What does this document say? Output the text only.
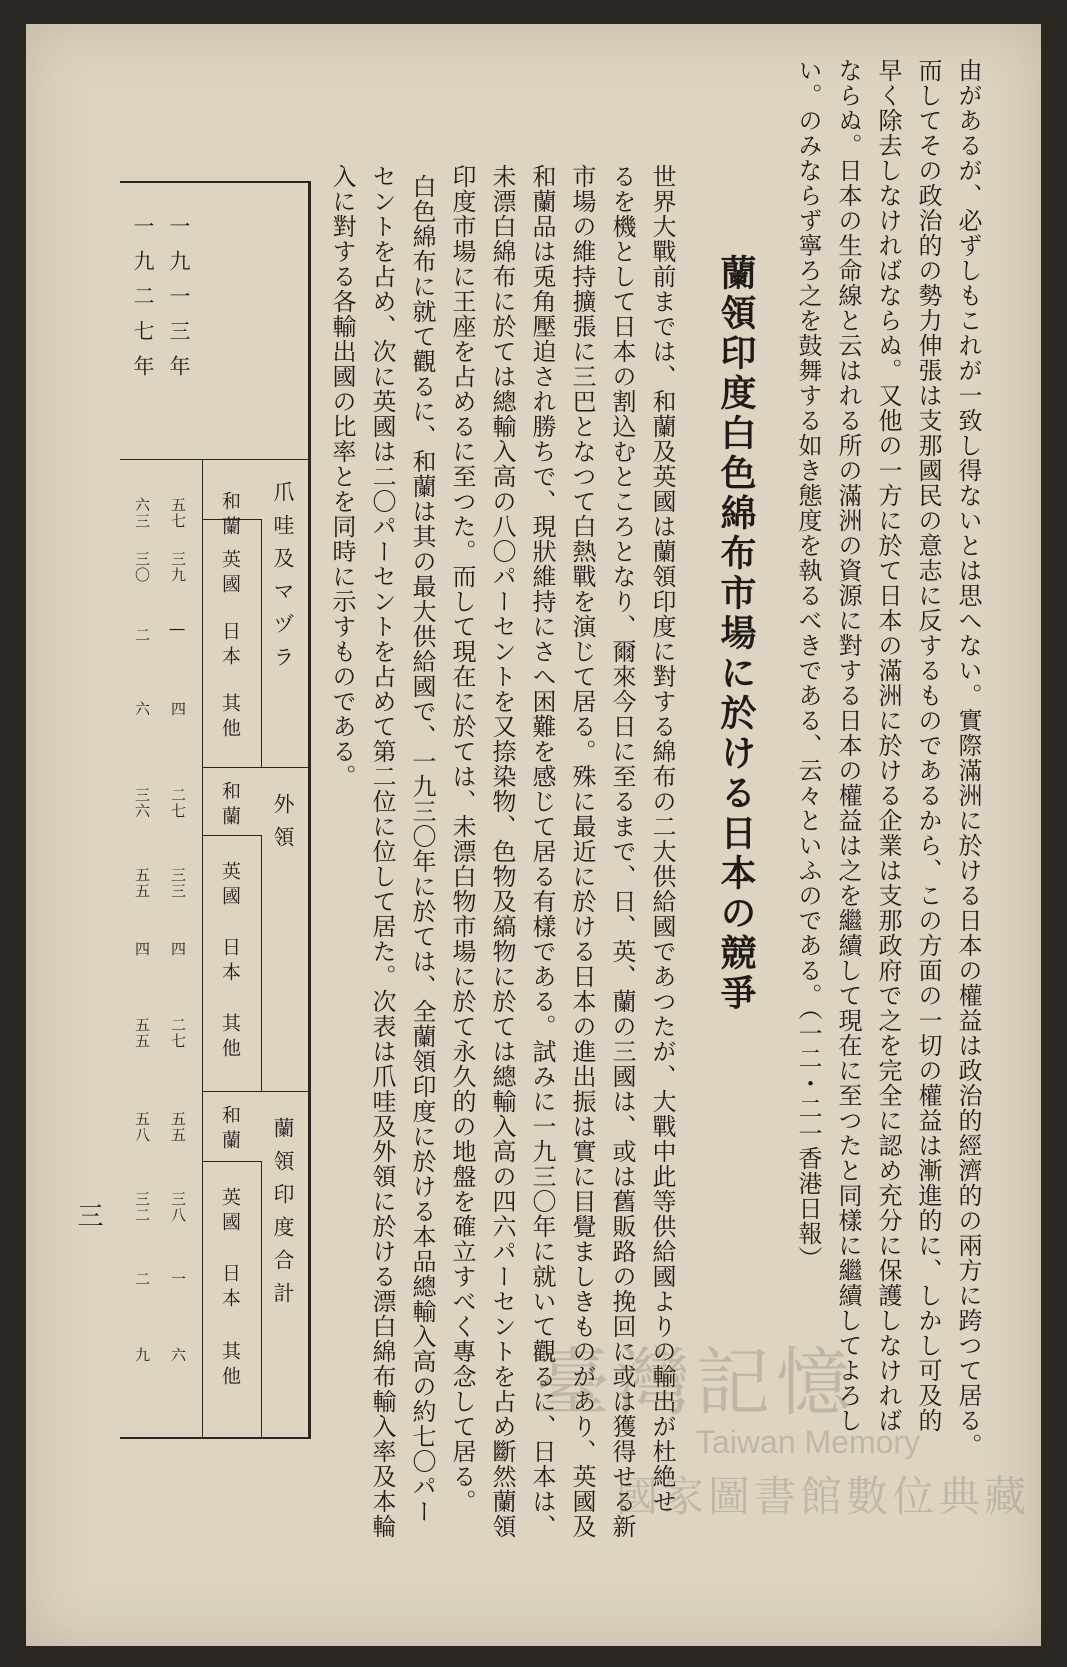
由があるが、必ずしもこれが一致し得ないとは思へない。實際滿洲に於ける日本の權益は政治的經濟的の兩方に跨つて居る。
而してその政治的の勢力伸張は支那國民の意志に反するものであるから、この方面の一切の權益は漸進的に、しかし可及的
早く除去しなければならぬ。又他の一方に於て日本の滿洲に於ける企業は支那政府で之を完全に認め充分に保護しなければ
ならぬ。日本の生命線と云はれる所の滿洲の資源に對する日本の權益は之を繼續して現在に至つたと同樣に繼續してよろし
い。のみならず寧ろ之を鼓舞する如き態度を執るべきである、云々といふのである。（一二・二一香港日報）
蘭領印度白色綿布市場に於ける日本の競爭
世界大戰前までは、和蘭及英國は蘭領印度に對する綿布の二大供給國であつたが、大戰中此等供給國よりの輸出が杜絶せ
るを機として日本の割込むところとなり、爾來今日に至るまで、日、英、蘭の三國は、或は舊販路の挽回に或は獲得せる新
市場の維持擴張に三巴となつて白熱戰を演じて居る。殊に最近に於ける日本の進出振は實に目覺ましきものがあり、英國及
和蘭品は兎角壓迫され勝ちで、現狀維持にさへ困難を感じて居る有樣である。試みに一九三〇年に就いて觀るに、日本は、
未漂白綿布に於ては總輸入高の八〇パーセントを又捺染物、色物及縞物に於ては總輸入高の四六パーセントを占め斷然蘭領
印度市場に王座を占めるに至つた。而して現在に於ては、未漂白物市場に於て永久的の地盤を確立すべく專念して居る。
白色綿布に就て觀るに、和蘭は其の最大供給國で、一九三〇年に於ては、全蘭領印度に於ける本品總輸入高の約七〇パー
セントを占め、次に英國は二〇パーセントを占めて第二位に位して居た。次表は爪哇及外領に於ける漂白綿布輸入率及本輪
入に對する各輸出國の比率とを同時に示すものである。
一九一三年
一九二七年
爪哇及マヅラ
外領
蘭領印度合計
和蘭
英國
日本
其他
和蘭
英國
日本
其他
和蘭
英國
日本
其他
五七
三九
|
四
二七
三三
四
二七
五五
三八
一
六
六三
三〇
二
六
三六
五五
四
五五
五八
三二
二
九
三
臺灣記憶
Taiwan Memory
國家圖書館數位典藏
